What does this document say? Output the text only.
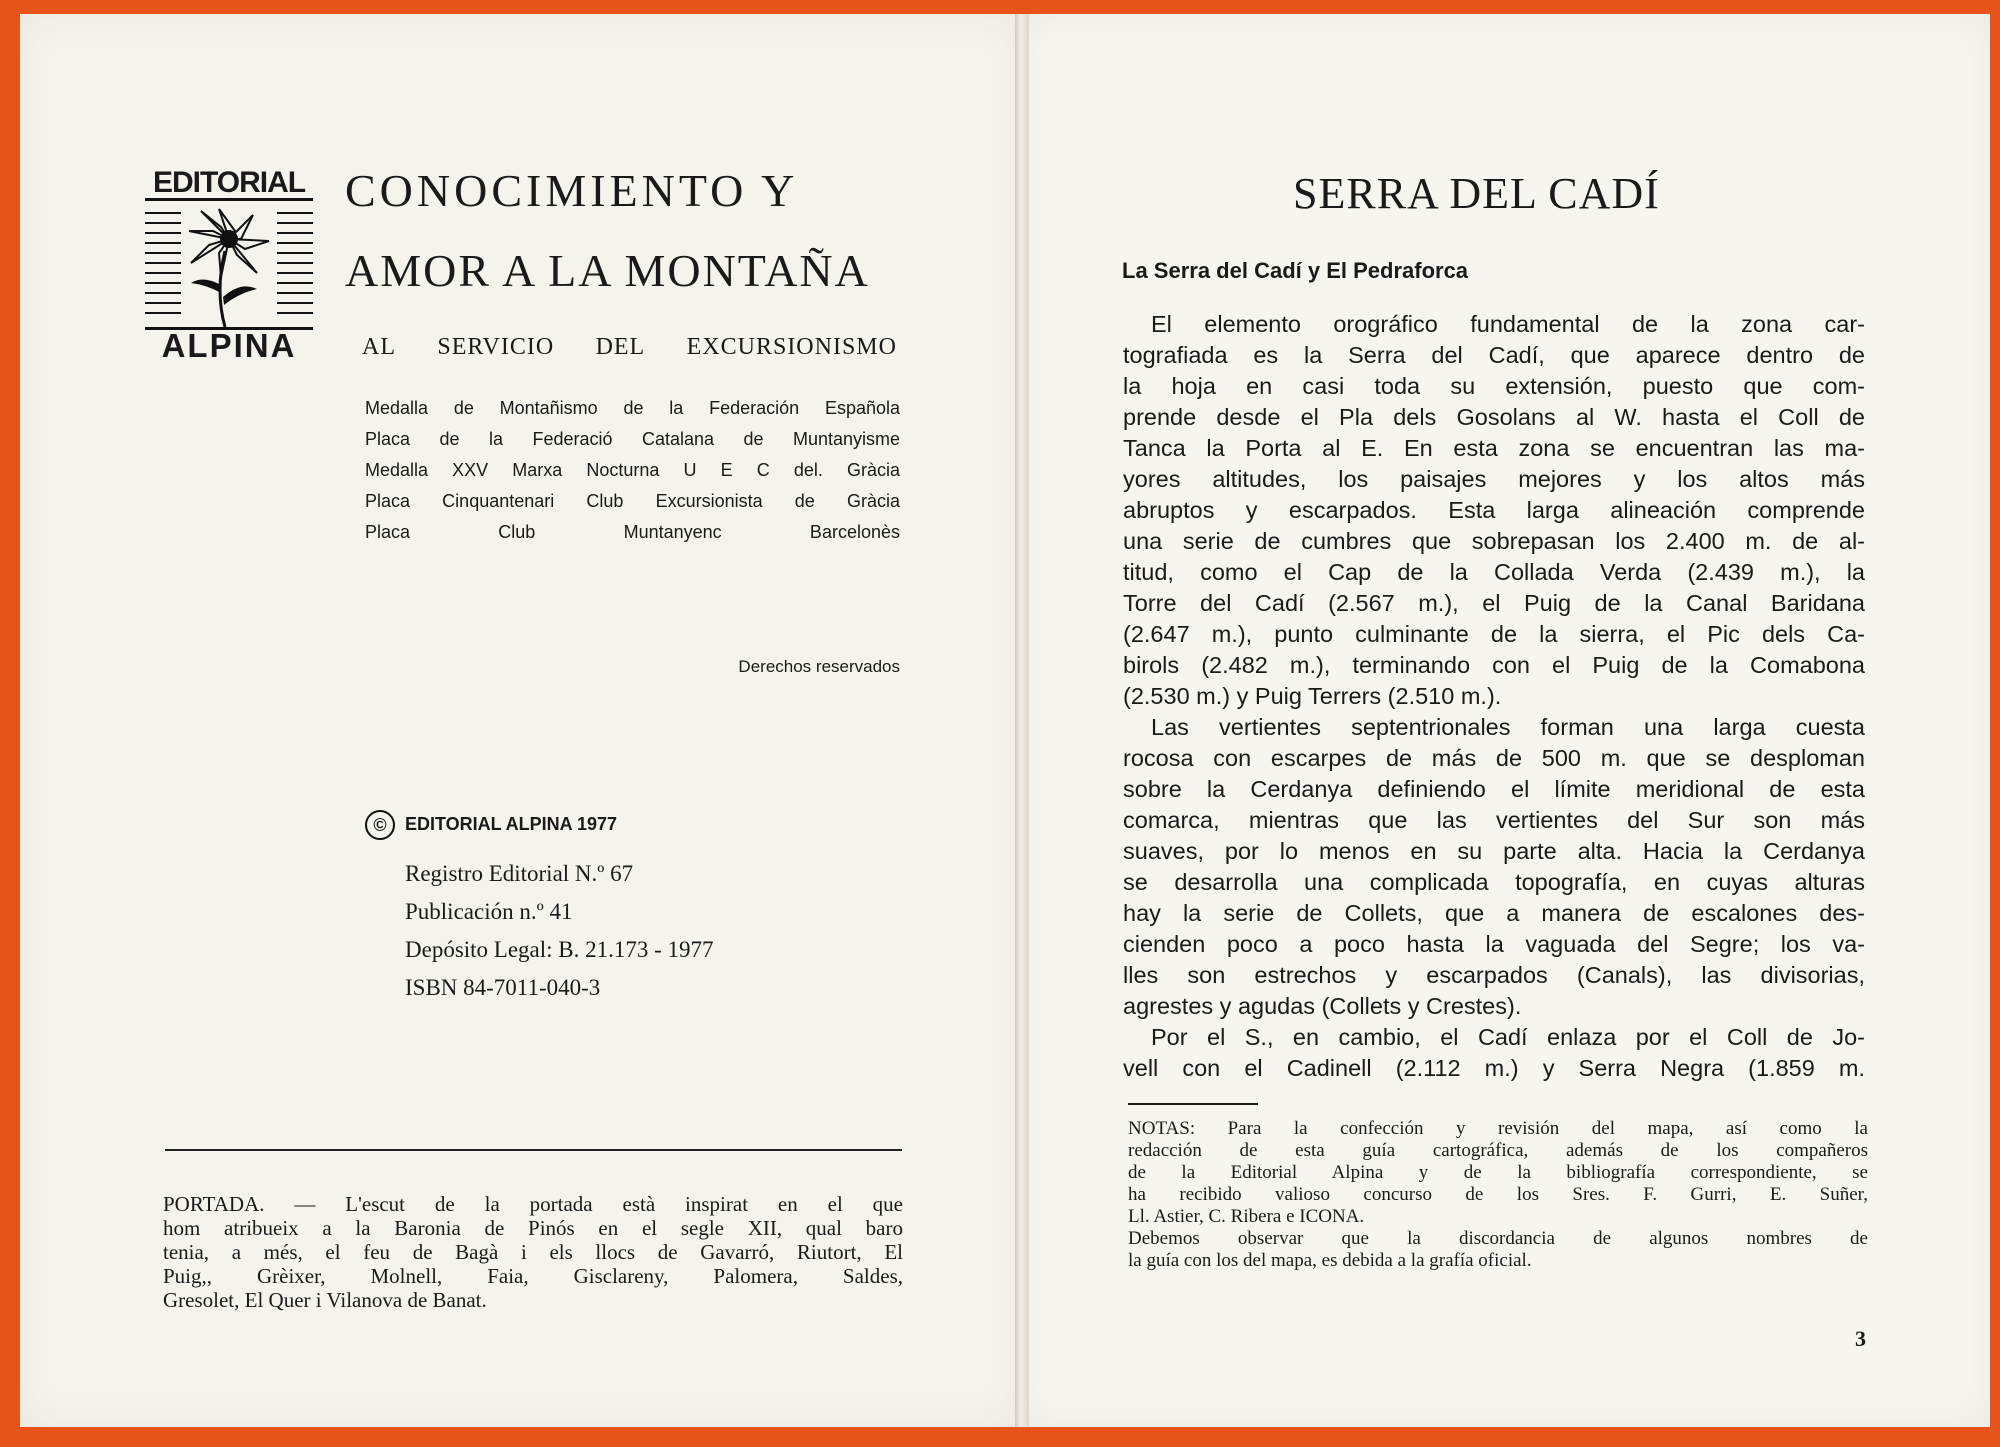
EDITORIAL
ALPINA
CONOCIMIENTO Y
AMOR A LA MONTAÑA
AL SERVICIO DEL EXCURSIONISMO
Medalla de Montañismo de la Federación Española
Placa de la Federació Catalana de Muntanyisme
Medalla XXV Marxa Nocturna U E C del. Gràcia
Placa Cinquantenari Club Excursionista de Gràcia
Placa Club Muntanyenc Barcelonès
Derechos reservados
© EDITORIAL ALPINA 1977
Registro Editorial N.º 67
Publicación n.º 41
Depósito Legal: B. 21.173 - 1977
ISBN 84-7011-040-3
PORTADA. — L'escut de la portada està inspirat en el que
hom atribueix a la Baronia de Pinós en el segle XII, qual baro
tenia, a més, el feu de Bagà i els llocs de Gavarró, Riutort, El
Puig,, Grèixer, Molnell, Faia, Gisclareny, Palomera, Saldes,
Gresolet, El Quer i Vilanova de Banat.
SERRA DEL CADÍ
La Serra del Cadí y El Pedraforca
El elemento orográfico fundamental de la zona car-
tografiada es la Serra del Cadí, que aparece dentro de
la hoja en casi toda su extensión, puesto que com-
prende desde el Pla dels Gosolans al W. hasta el Coll de
Tanca la Porta al E. En esta zona se encuentran las ma-
yores altitudes, los paisajes mejores y los altos más
abruptos y escarpados. Esta larga alineación comprende
una serie de cumbres que sobrepasan los 2.400 m. de al-
titud, como el Cap de la Collada Verda (2.439 m.), la
Torre del Cadí (2.567 m.), el Puig de la Canal Baridana
(2.647 m.), punto culminante de la sierra, el Pic dels Ca-
birols (2.482 m.), terminando con el Puig de la Comabona
(2.530 m.) y Puig Terrers (2.510 m.).
Las vertientes septentrionales forman una larga cuesta
rocosa con escarpes de más de 500 m. que se desploman
sobre la Cerdanya definiendo el límite meridional de esta
comarca, mientras que las vertientes del Sur son más
suaves, por lo menos en su parte alta. Hacia la Cerdanya
se desarrolla una complicada topografía, en cuyas alturas
hay la serie de Collets, que a manera de escalones des-
cienden poco a poco hasta la vaguada del Segre; los va-
lles son estrechos y escarpados (Canals), las divisorias,
agrestes y agudas (Collets y Crestes).
Por el S., en cambio, el Cadí enlaza por el Coll de Jo-
vell con el Cadinell (2.112 m.) y Serra Negra (1.859 m.
NOTAS: Para la confección y revisión del mapa, así como la
redacción de esta guía cartográfica, además de los compañeros
de la Editorial Alpina y de la bibliografía correspondiente, se
ha recibido valioso concurso de los Sres. F. Gurri, E. Suñer,
Ll. Astier, C. Ribera e ICONA.
Debemos observar que la discordancia de algunos nombres de
la guía con los del mapa, es debida a la grafía oficial.
3
